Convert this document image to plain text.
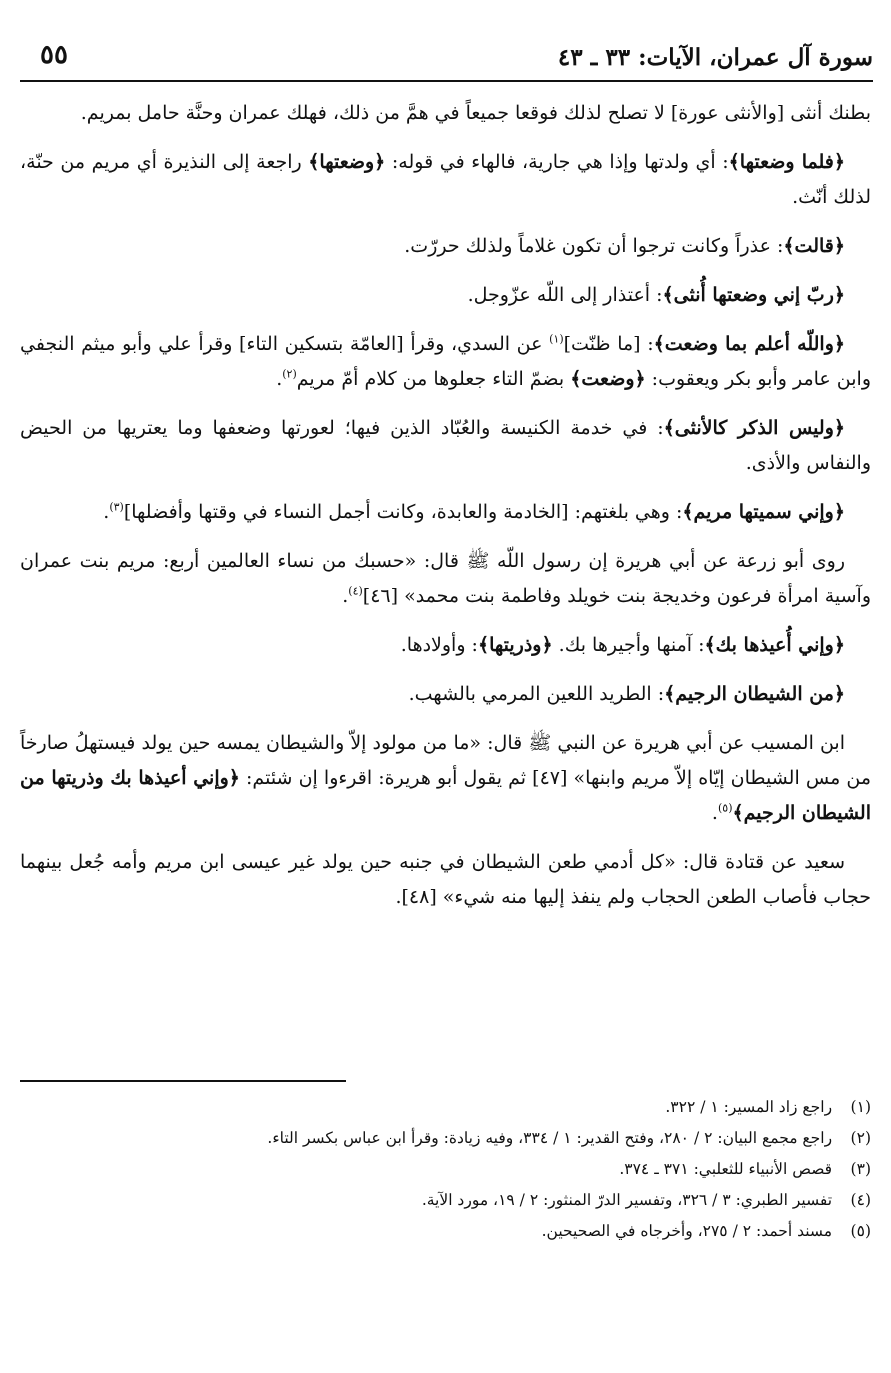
سورة آل عمران، الآيات: ٣٣ ـ ٤٣
٥٥

بطنك أنثى [والأنثى عورة] لا تصلح لذلك فوقعا جميعاً في همَّ من ذلك، فهلك عمران وحنَّة حامل بمريم.

﴿فلما وضعتها﴾: أي ولدتها وإذا هي جارية، فالهاء في قوله: ﴿وضعتها﴾ راجعة إلى النذيرة أي مريم من حنّة، لذلك أنّث.

﴿قالت﴾: عذراً وكانت ترجوا أن تكون غلاماً ولذلك حررّت.

﴿ربّ إني وضعتها أُنثى﴾: أعتذار إلى اللّه عزّوجل.

﴿واللّه أعلم بما وضعت﴾: [ما ظنّت]$^{(١)}$ عن السدي، وقرأ [العامّة بتسكين التاء] وقرأ علي وأبو ميثم النجفي وابن عامر وأبو بكر ويعقوب: ﴿وضعت﴾ بضمّ التاء جعلوها من كلام أمّ مريم$^{(٢)}$.

﴿وليس الذكر كالأنثى﴾: في خدمة الكنيسة والعُبّاد الذين فيها؛ لعورتها وضعفها وما يعتريها من الحيض والنفاس والأذى.

﴿وإني سميتها مريم﴾: وهي بلغتهم: [الخادمة والعابدة، وكانت أجمل النساء في وقتها وأفضلها]$^{(٣)}$.

روى أبو زرعة عن أبي هريرة إن رسول اللّه ﷺ قال: «حسبك من نساء العالمين أربع: مريم بنت عمران وآسية امرأة فرعون وخديجة بنت خويلد وفاطمة بنت محمد» [٤٦]$^{(٤)}$.

﴿وإني أُعيذها بك﴾: آمنها وأجيرها بك. ﴿وذريتها﴾: وأولادها.

﴿من الشيطان الرجيم﴾: الطريد اللعين المرمي بالشهب.

ابن المسيب عن أبي هريرة عن النبي ﷺ قال: «ما من مولود إلاّ والشيطان يمسه حين يولد فيستهلُ صارخاً من مس الشيطان إيّاه إلاّ مريم وابنها» [٤٧] ثم يقول أبو هريرة: اقرءوا إن شئتم: ﴿وإني أعيذها بك وذريتها من الشيطان الرجيم﴾$^{(٥)}$.

سعيد عن قتادة قال: «كل أدمي طعن الشيطان في جنبه حين يولد غير عيسى ابن مريم وأمه جُعل بينهما حجاب فأصاب الطعن الحجاب ولم ينفذ إليها منه شيء» [٤٨].

(١) راجع زاد المسير: ١ / ٣٢٢.
(٢) راجع مجمع البيان: ٢ / ٢٨٠، وفتح القدير: ١ / ٣٣٤، وفيه زيادة: وقرأ ابن عباس بكسر التاء.
(٣) قصص الأنبياء للثعلبي: ٣٧١ ـ ٣٧٤.
(٤) تفسير الطبري: ٣ / ٣٢٦، وتفسير الدرّ المنثور: ٢ / ١٩، مورد الآية.
(٥) مسند أحمد: ٢ / ٢٧٥، وأخرجاه في الصحيحين.
